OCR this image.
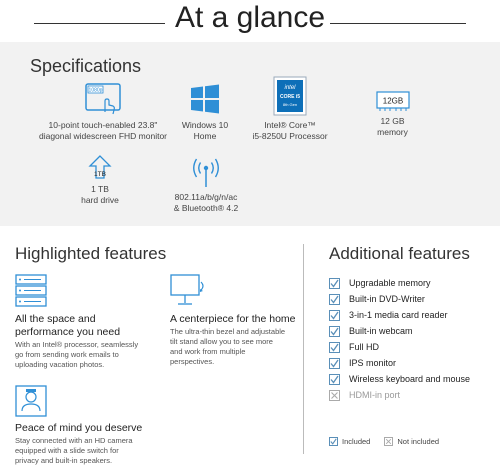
At a glance
Specifications
1080p
10-point touch-enabled 23.8"
diagonal widescreen FHD monitor
Windows 10
Home
intel
CORE i5
8th Gen
Intel® Core™
i5-8250U Processor
12GB
12 GB
memory
1TB
1 TB
hard drive	802.11a/b/g/n/ac
& Bluetooth® 4.2
Highlighted features
All the space and
performance you need
With an Intel® processor, seamlessly
go from sending work emails to
uploading vacation photos.
A centerpiece for the home
The ultra-thin bezel and adjustable
tilt stand allow you to see more
and work from multiple
perspectives.
Peace of mind you deserve
Stay connected with an HD camera
equipped with a slide switch for
privacy and built-in speakers.
Additional features
Upgradable memory
Built-in DVD-Writer
3-in-1 media card reader
Built-in webcam
Full HD
IPS monitor
Wireless keyboard and mouse
HDMI-in port
Included	Not included
